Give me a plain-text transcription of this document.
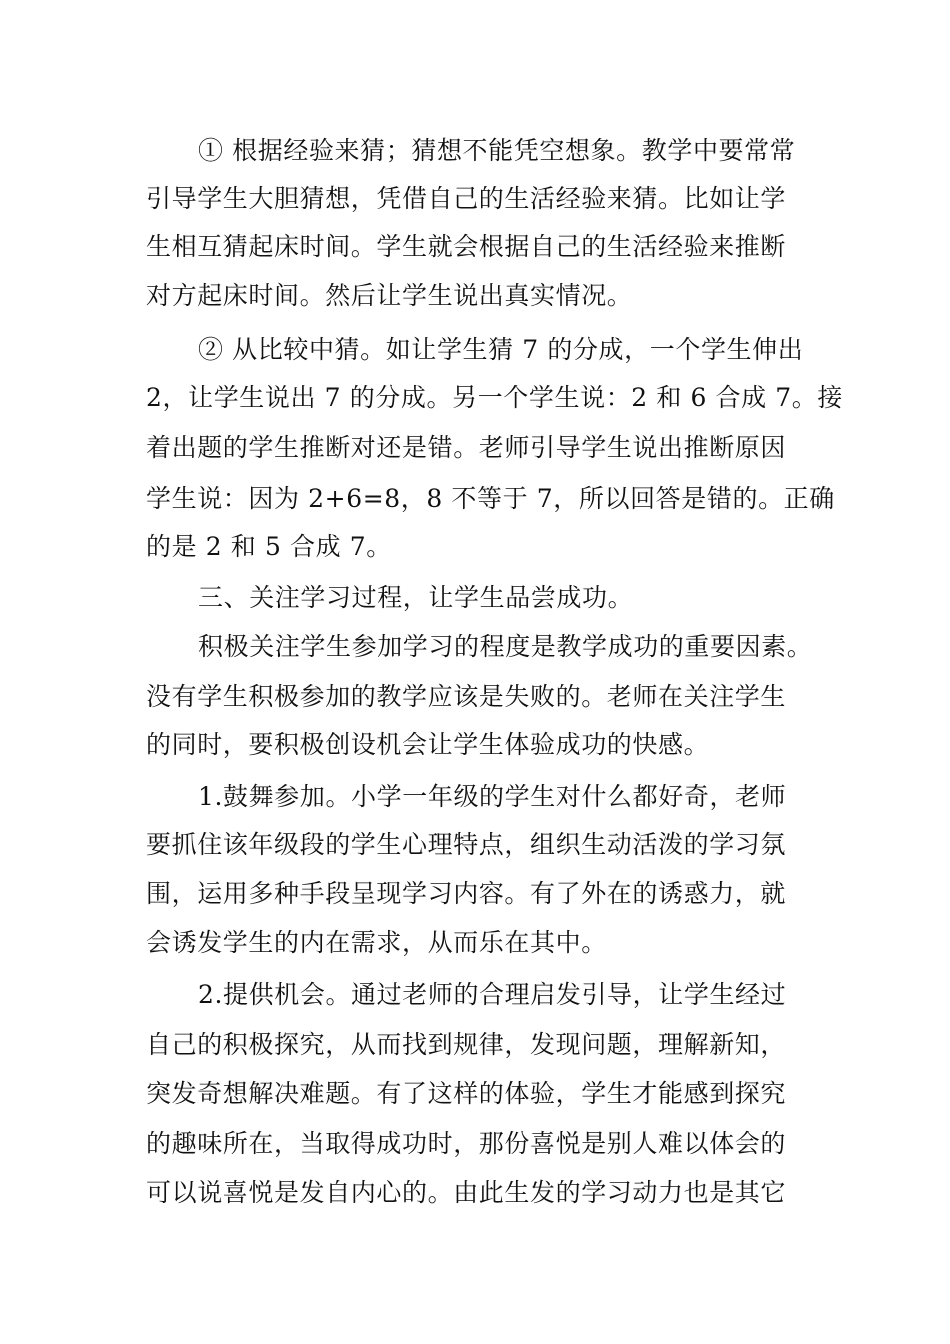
① 根据经验来猜；猜想不能凭空想象。教学中要常常
引导学生大胆猜想，凭借自己的生活经验来猜。比如让学
生相互猜起床时间。学生就会根据自己的生活经验来推断
对方起床时间。然后让学生说出真实情况。
② 从比较中猜。如让学生猜 7 的分成，一个学生伸出
2，让学生说出 7 的分成。另一个学生说：2 和 6 合成 7。接
着出题的学生推断对还是错。老师引导学生说出推断原因
学生说：因为 2+6=8，8 不等于 7，所以回答是错的。正确
的是 2 和 5 合成 7。
三、关注学习过程，让学生品尝成功。
积极关注学生参加学习的程度是教学成功的重要因素。
没有学生积极参加的教学应该是失败的。老师在关注学生
的同时，要积极创设机会让学生体验成功的快感。
1.鼓舞参加。小学一年级的学生对什么都好奇，老师
要抓住该年级段的学生心理特点，组织生动活泼的学习氛
围，运用多种手段呈现学习内容。有了外在的诱惑力，就
会诱发学生的内在需求，从而乐在其中。
2.提供机会。通过老师的合理启发引导，让学生经过
自己的积极探究，从而找到规律，发现问题，理解新知，
突发奇想解决难题。有了这样的体验，学生才能感到探究
的趣味所在，当取得成功时，那份喜悦是别人难以体会的
可以说喜悦是发自内心的。由此生发的学习动力也是其它
